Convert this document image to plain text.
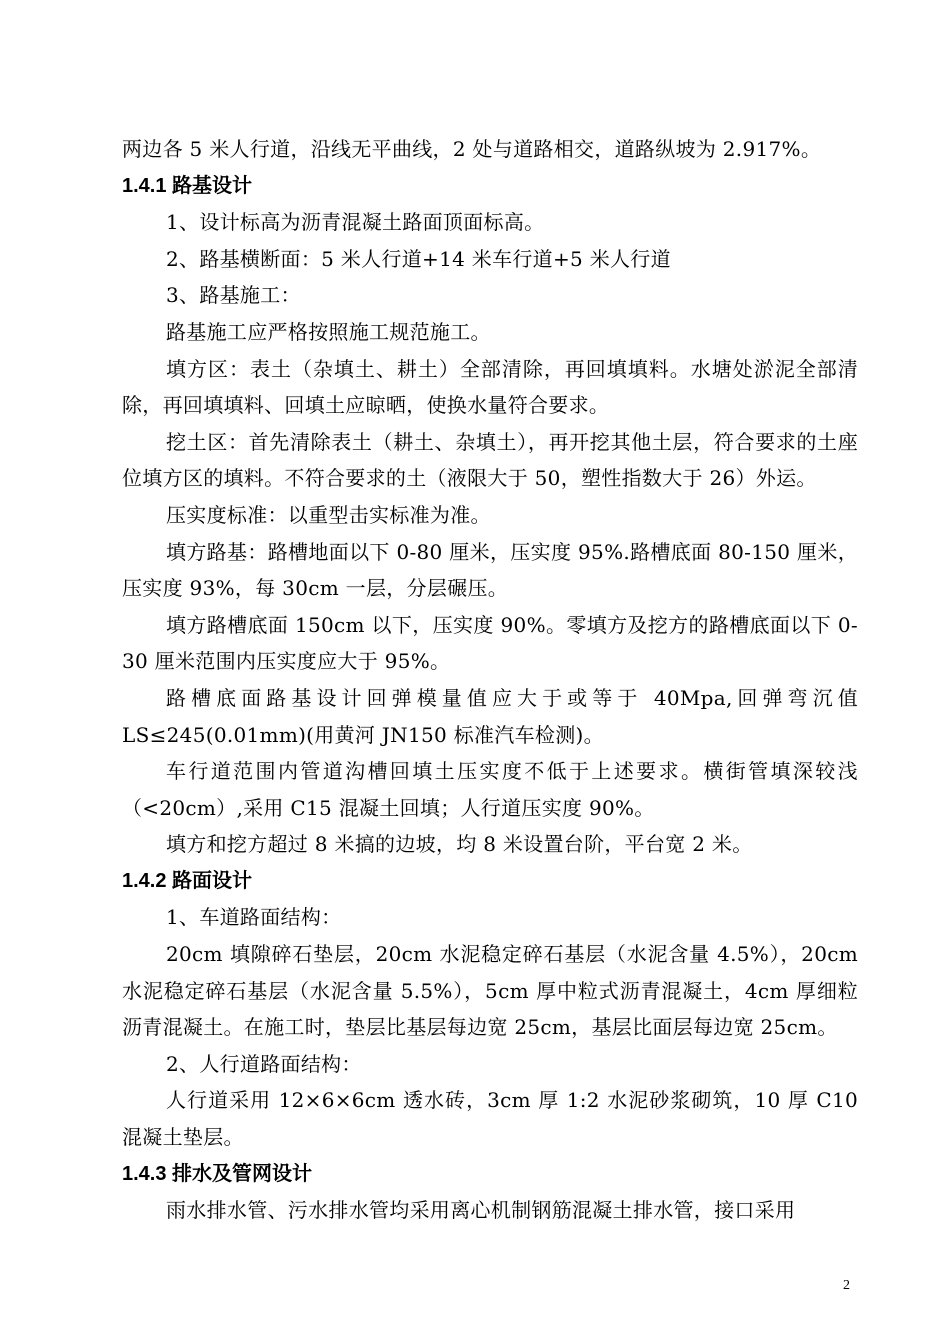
两边各 5 米人行道，沿线无平曲线，2 处与道路相交，道路纵坡为 2.917%。

1.4.1 路基设计

1、设计标高为沥青混凝土路面顶面标高。

2、路基横断面：5 米人行道+14 米车行道+5 米人行道

3、路基施工：

路基施工应严格按照施工规范施工。

填方区：表土（杂填土、耕土）全部清除，再回填填料。水塘处淤泥全部清除，再回填填料、回填土应晾晒，使换水量符合要求。

挖土区：首先清除表土（耕土、杂填土），再开挖其他土层，符合要求的土座位填方区的填料。不符合要求的土（液限大于 50，塑性指数大于 26）外运。

压实度标准：以重型击实标准为准。

填方路基：路槽地面以下 0-80 厘米，压实度 95%.路槽底面 80-150 厘米，压实度 93%，每 30cm 一层，分层碾压。

填方路槽底面 150cm 以下，压实度 90%。零填方及挖方的路槽底面以下 0-30 厘米范围内压实度应大于 95%。

路槽底面路基设计回弹模量值应大于或等于 40Mpa,回弹弯沉值 LS≤245(0.01mm)(用黄河 JN150 标准汽车检测)。

车行道范围内管道沟槽回填土压实度不低于上述要求。横街管填深较浅（<20cm）,采用 C15 混凝土回填；人行道压实度 90%。

填方和挖方超过 8 米搞的边坡，均 8 米设置台阶，平台宽 2 米。

1.4.2 路面设计

1、车道路面结构：

20cm 填隙碎石垫层，20cm 水泥稳定碎石基层（水泥含量 4.5%），20cm 水泥稳定碎石基层（水泥含量 5.5%），5cm 厚中粒式沥青混凝土，4cm 厚细粒沥青混凝土。在施工时，垫层比基层每边宽 25cm，基层比面层每边宽 25cm。

2、人行道路面结构：

人行道采用 12×6×6cm 透水砖，3cm 厚 1:2 水泥砂浆砌筑，10 厚 C10 混凝土垫层。

1.4.3 排水及管网设计

雨水排水管、污水排水管均采用离心机制钢筋混凝土排水管，接口采用

2
